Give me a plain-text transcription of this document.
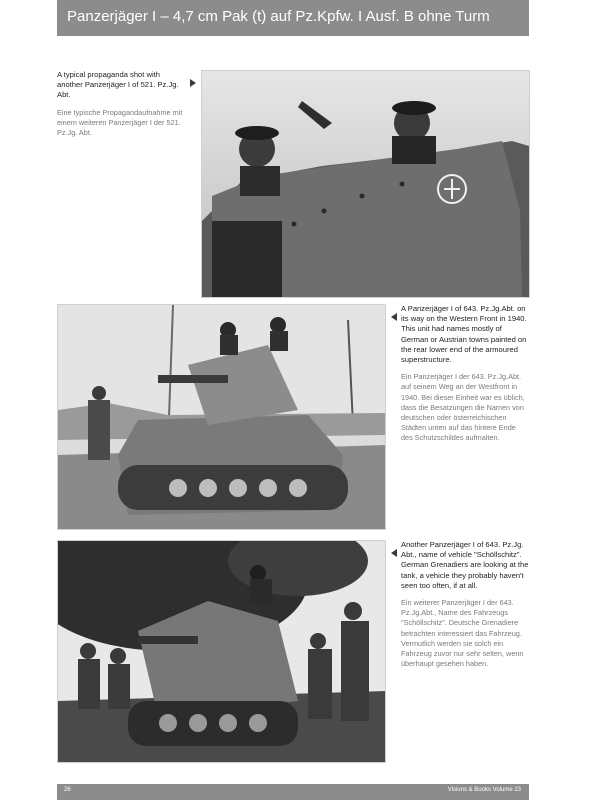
Panzerjäger I – 4,7 cm Pak (t) auf Pz.Kpfw. I Ausf. B ohne Turm

A typical propaganda shot with another Panzerjäger I of 521. Pz.Jg. Abt.

Eine typische Propagandaufnahme mit einem weiteren Panzerjäger I der 521. Pz.Jg. Abt.

A Panzerjäger I of 643. Pz.Jg.Abt. on its way on the Western Front in 1940. This unit had names mostly of German or Austrian towns painted on the rear lower end of the armoured superstructure.

Ein Panzerjäger I der 643. Pz.Jg.Abt. auf seinem Weg an der Westfront in 1940. Bei dieser Einheit war es üblich, dass die Besatzungen die Namen von deutschen oder österreichischen Städten unten auf das hintere Ende des Schutzschildes aufmalten.

Another Panzerjäger I of 643. Pz.Jg. Abt., name of vehicle "Schöllschitz". German Grenadiers are looking at the tank, a vehicle they probably haven't seen too often, if at all.

Ein weiterer Panzerjäger I der 643. Pz.Jg.Abt., Name des Fahrzeugs "Schöllschitz". Deutsche Grenadiere betrachten interessiert das Fahrzeug. Vermutlich werden sie solch ein Fahrzeug zuvor nur sehr selten, wenn überhaupt gesehen haben.

26	Visions & Books Volume 23
